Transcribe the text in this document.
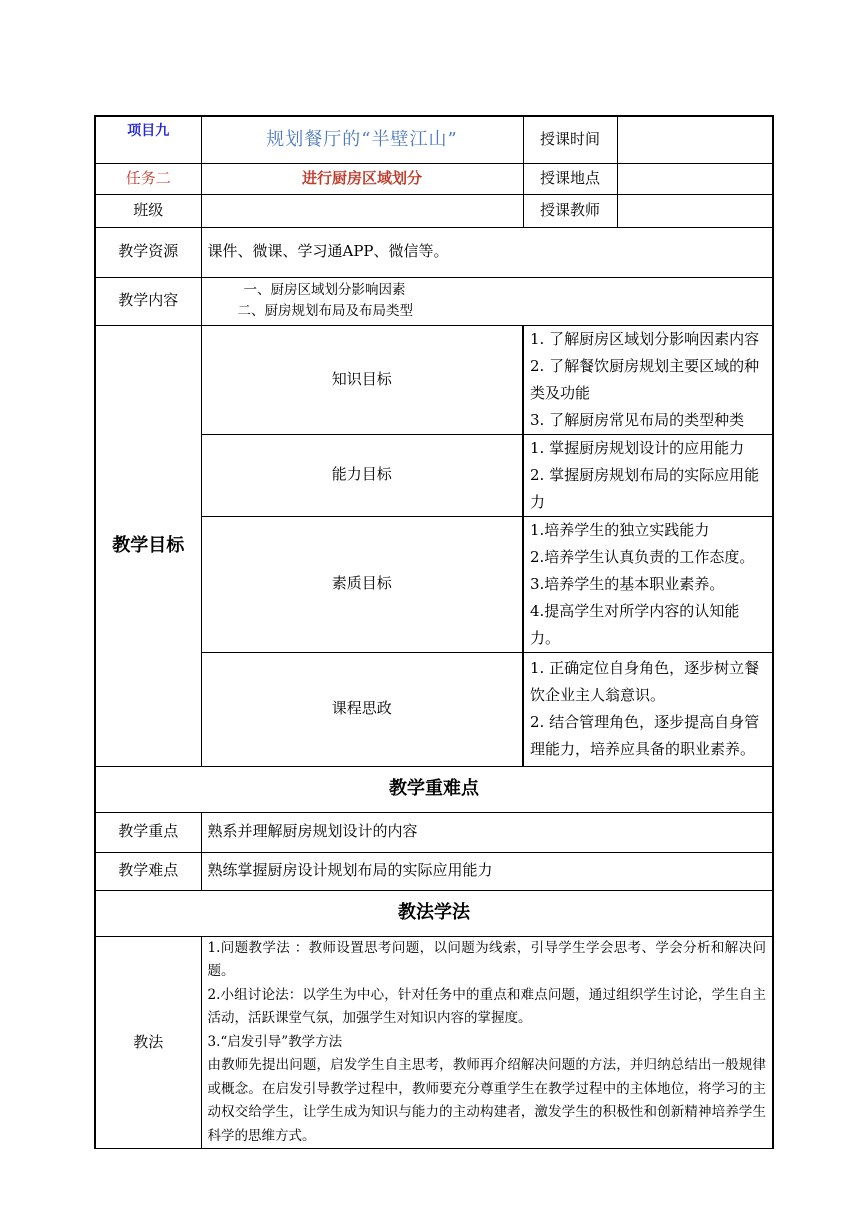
项目九	规划餐厅的“半壁江山”	授课时间	
任务二	进行厨房区域划分	授课地点	
班级		授课教师	
教学资源	课件、微课、学习通APP、微信等。		
教学内容	一、厨房区域划分影响因素
二、厨房规划布局及布局类型		

教学目标	知识目标	1. 了解厨房区域划分影响因素内容
2. 了解餐饮厨房规划主要区域的种类及功能
3. 了解厨房常见布局的类型种类	

	能力目标	1. 掌握厨房规划设计的应用能力
2. 掌握厨房规划布局的实际应用能力	

	素质目标	1.培养学生的独立实践能力
2.培养学生认真负责的工作态度。
3.培养学生的基本职业素养。
4.提高学生对所学内容的认知能力。	

	课程思政	1. 正确定位自身角色，逐步树立餐饮企业主人翁意识。
2. 结合管理角色，逐步提高自身管理能力，培养应具备的职业素养。	

教学重难点			
教学重点	熟系并理解厨房规划设计的内容		
教学难点	熟练掌握厨房设计规划布局的实际应用能力		
教法学法			
教法	1.问题教学法 ：教师设置思考问题，以问题为线索，引导学生学会思考、学会分析和解决问题。
2.小组讨论法：以学生为中心，针对任务中的重点和难点问题，通过组织学生讨论，学生自主活动，活跃课堂气氛，加强学生对知识内容的掌握度。
3.“启发引导”教学方法
由教师先提出问题，启发学生自主思考，教师再介绍解决问题的方法，并归纳总结出一般规律或概念。在启发引导教学过程中，教师要充分尊重学生在教学过程中的主体地位，将学习的主动权交给学生，让学生成为知识与能力的主动构建者，激发学生的积极性和创新精神培养学生科学的思维方式。		
